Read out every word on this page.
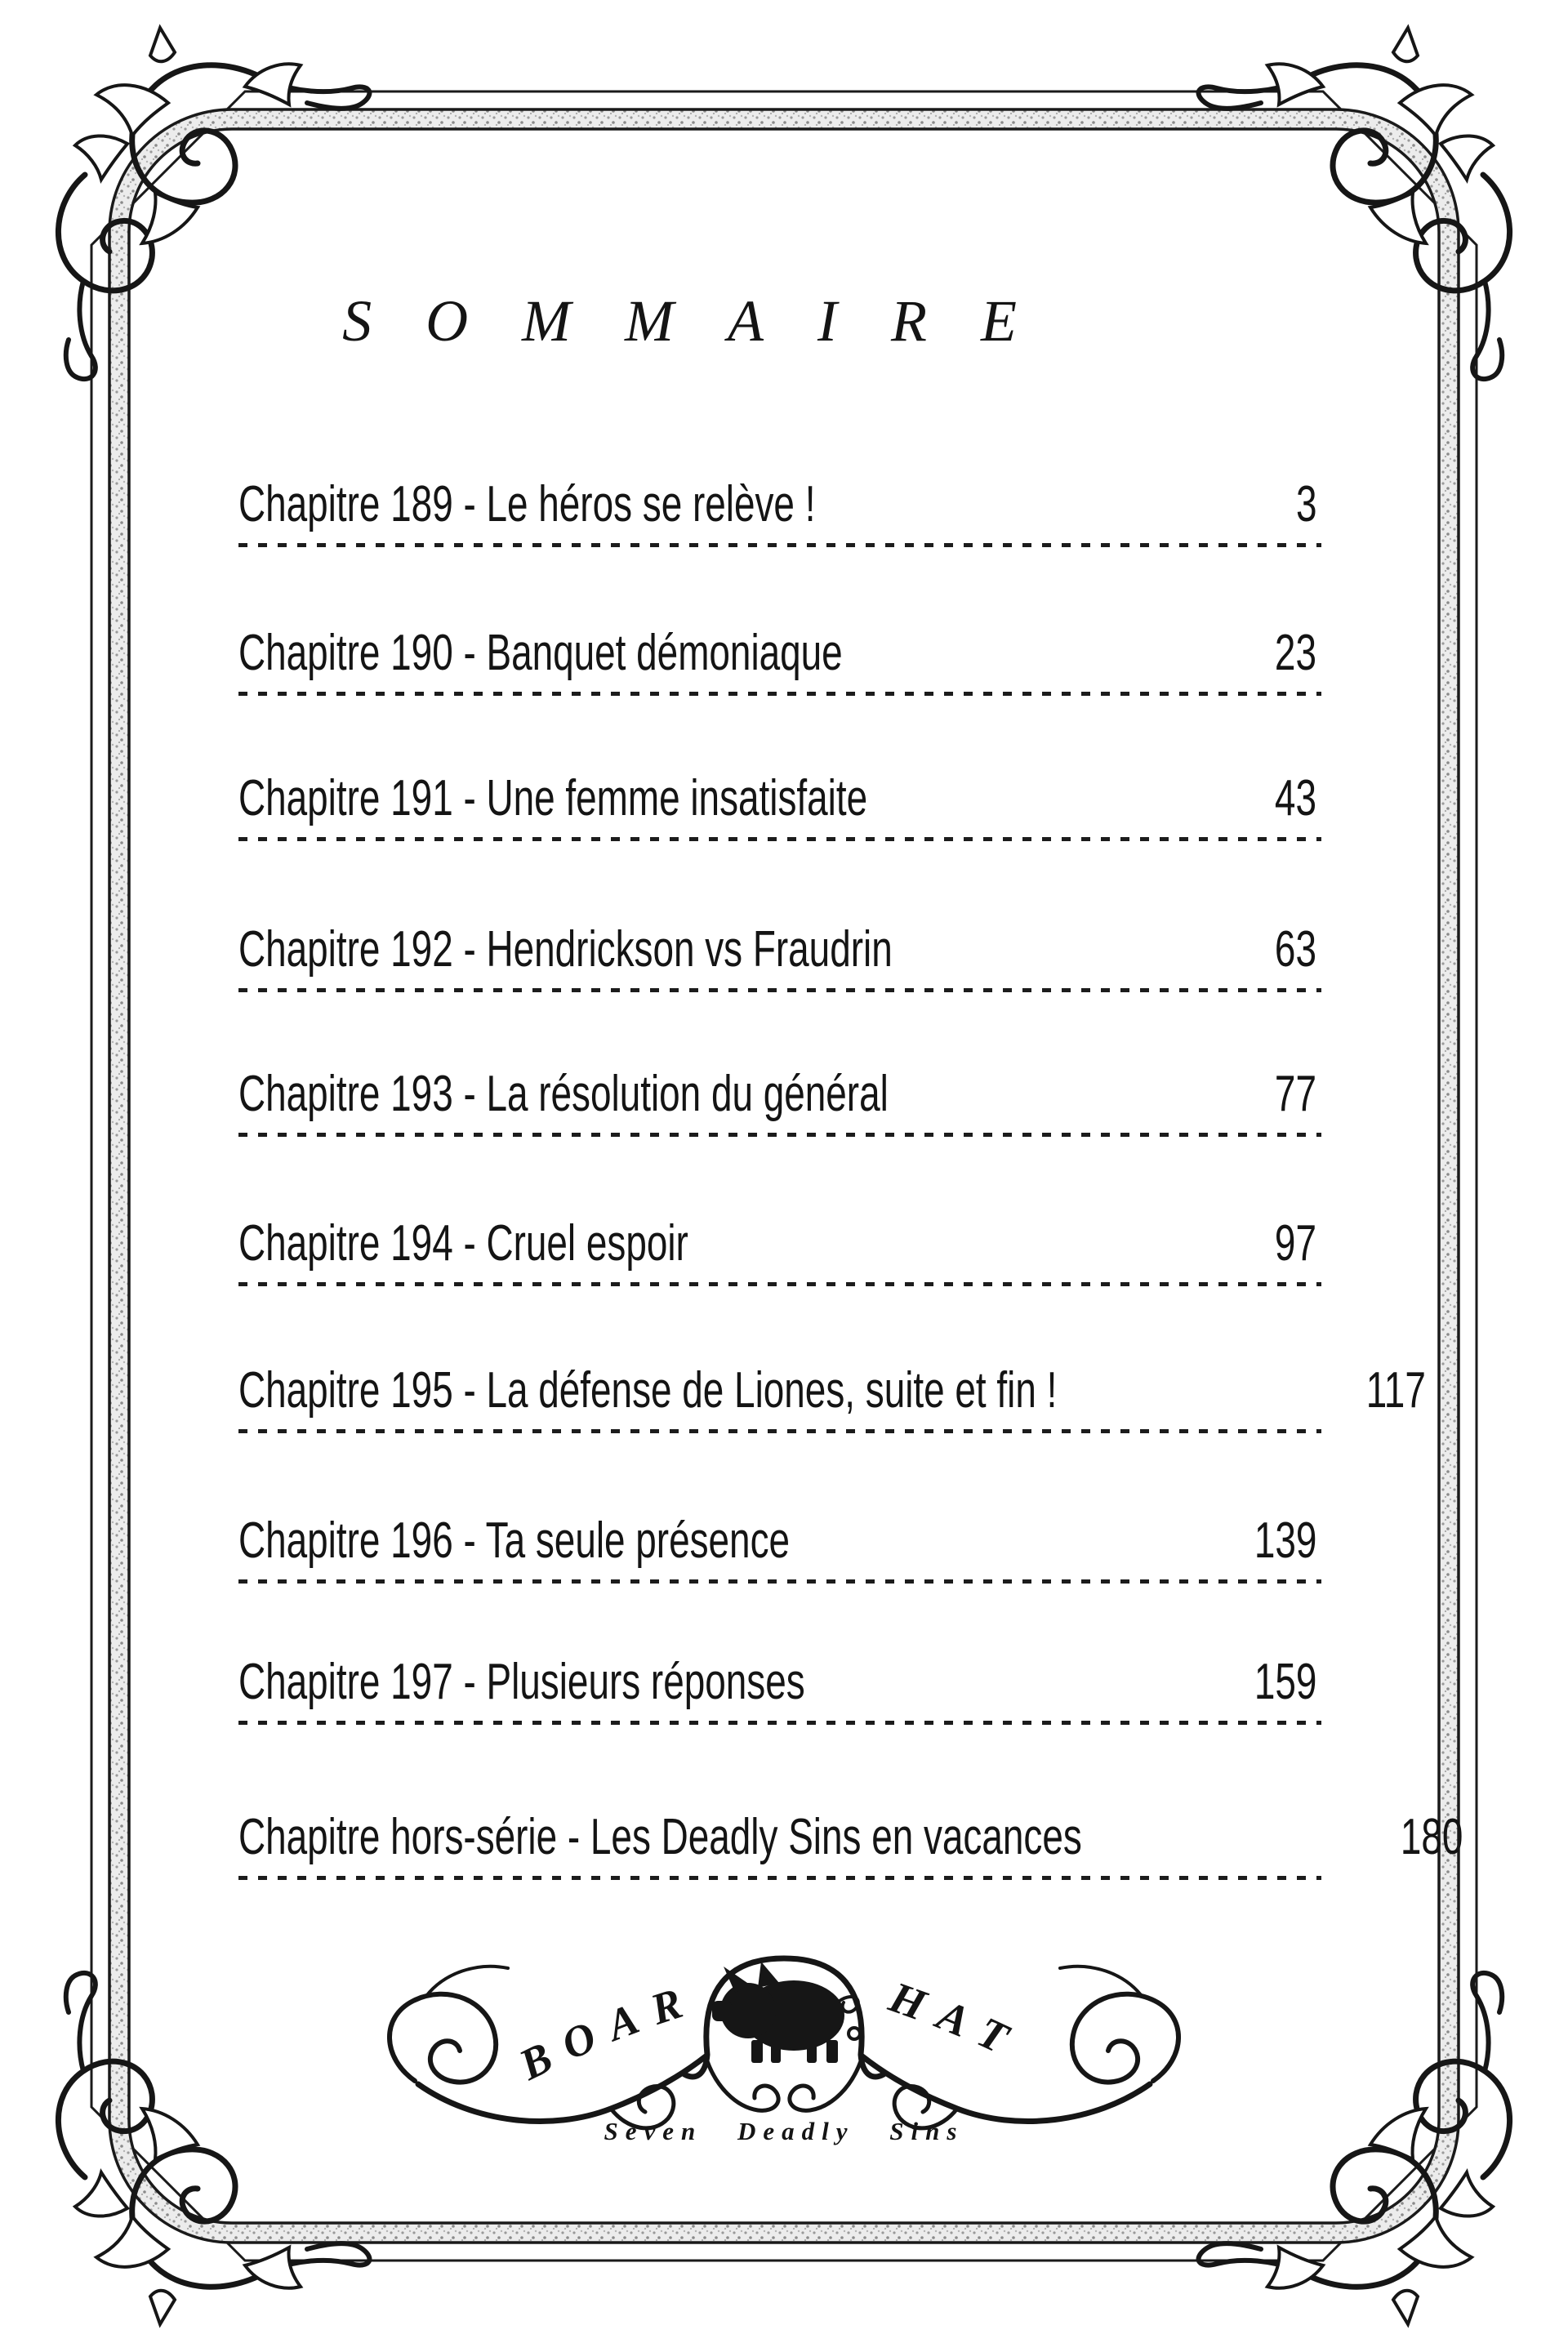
BOAR	HAT
Seven Deadly Sins
SOMMAIRE
Chapitre 189 - Le héros se relève !	3
Chapitre 190 - Banquet démoniaque	23
Chapitre 191 - Une femme insatisfaite	43
Chapitre 192 - Hendrickson vs Fraudrin	63
Chapitre 193 - La résolution du général	77
Chapitre 194 - Cruel espoir	97
Chapitre 195 - La défense de Liones, suite et fin !	117
Chapitre 196 - Ta seule présence	139
Chapitre 197 - Plusieurs réponses	159
Chapitre hors-série - Les Deadly Sins en vacances	180
